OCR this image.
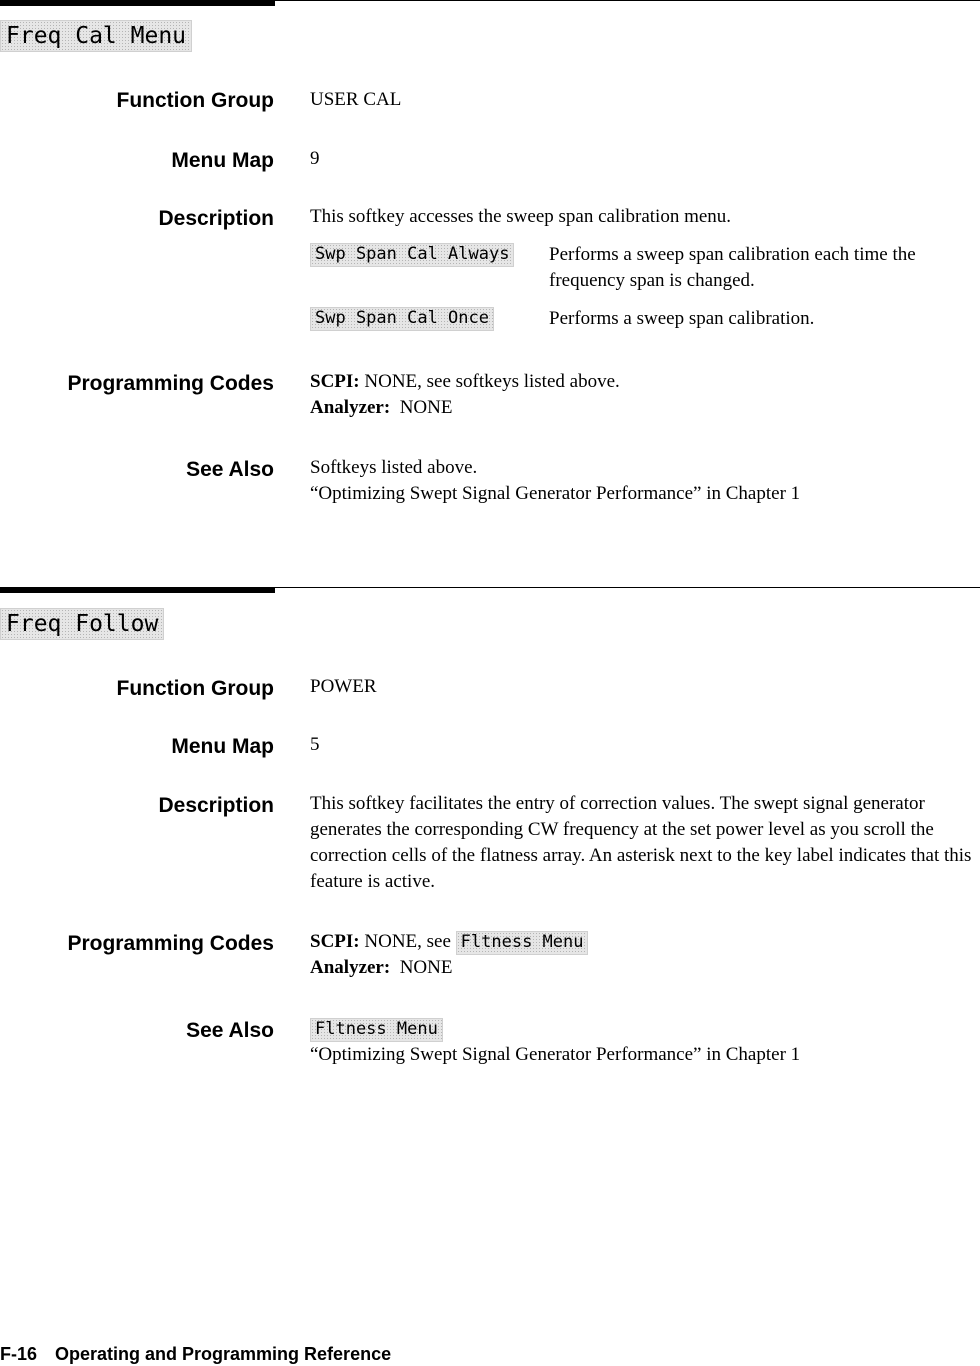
Freq Cal Menu
Function Group USER CAL
Menu Map 9
Description This softkey accesses the sweep span calibration menu.
Swp Span Cal Always Performs a sweep span calibration each time the frequency span is changed.
Swp Span Cal Once	Performs a sweep span calibration.
Programming Codes SCPI: NONE, see softkeys listed above.
Analyzer: NONE
See Also Softkeys listed above.
“Optimizing Swept Signal Generator Performance” in Chapter 1
Freq Follow
Function Group POWER
Menu Map 5
Description This softkey facilitates the entry of correction values. The swept signal generator generates the corresponding CW frequency at the set power level as you scroll the correction cells of the flatness array. An asterisk next to the key label indicates that this feature is active.
Programming Codes SCPI: NONE, see Fltness Menu
Analyzer: NONE
See Also Fltness Menu
“Optimizing Swept Signal Generator Performance” in Chapter 1
F-16 Operating and Programming Reference
